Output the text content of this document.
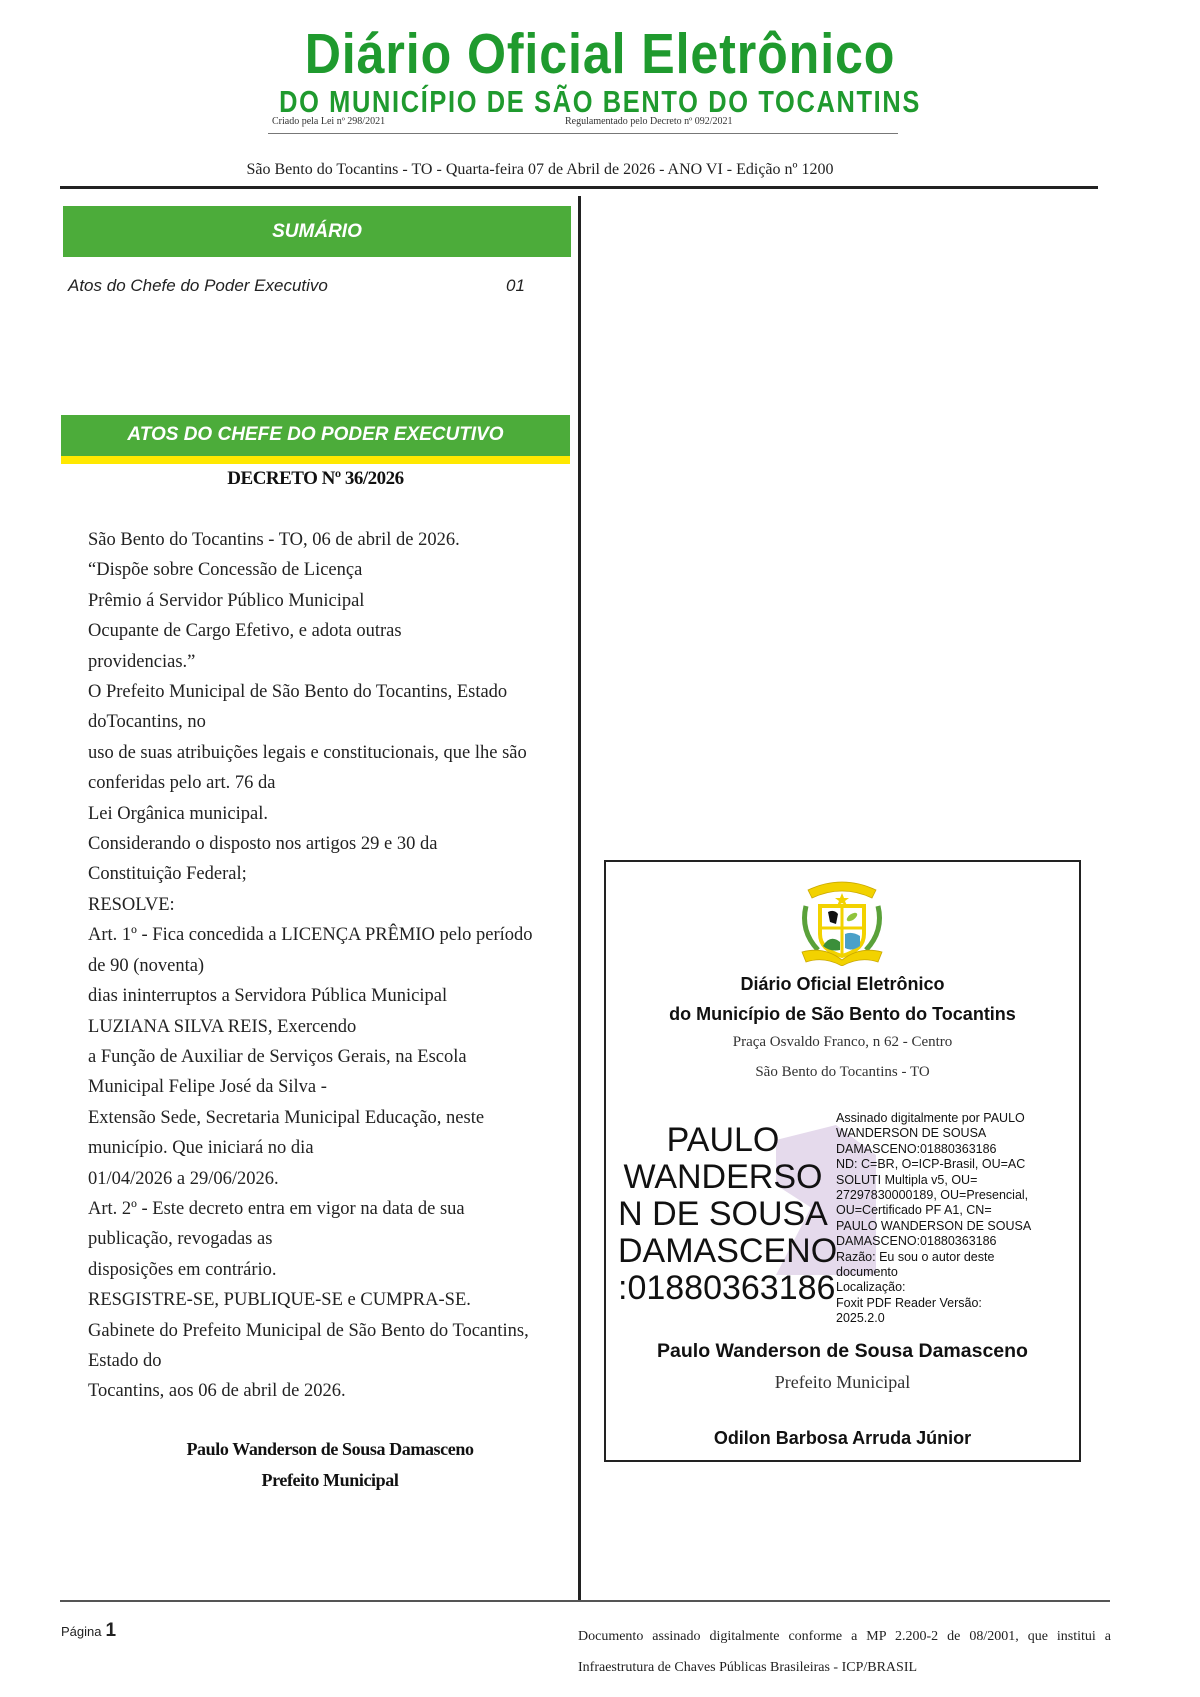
Diário Oficial Eletrônico
DO MUNICÍPIO DE SÃO BENTO DO TOCANTINS
Criado pela Lei nº 298/2021	Regulamentado pelo Decreto nº 092/2021
São Bento do Tocantins - TO - Quarta-feira 07 de Abril de 2026 - ANO VI - Edição nº 1200
SUMÁRIO
Atos do Chefe do Poder Executivo	01
ATOS DO CHEFE DO PODER EXECUTIVO
DECRETO Nº 36/2026
São Bento do Tocantins - TO, 06 de abril de 2026.
“Dispõe sobre Concessão de Licença
Prêmio á Servidor Público Municipal
Ocupante de Cargo Efetivo, e adota outras
providencias.”
O Prefeito Municipal de São Bento do Tocantins, Estado
doTocantins, no
uso de suas atribuições legais e constitucionais, que lhe são
conferidas pelo art. 76 da
Lei Orgânica municipal.
Considerando o disposto nos artigos 29 e 30 da
Constituição Federal;
RESOLVE:
Art. 1º - Fica concedida a LICENÇA PRÊMIO pelo período
de 90 (noventa)
dias ininterruptos a Servidora Pública Municipal
LUZIANA SILVA REIS, Exercendo
a Função de Auxiliar de Serviços Gerais, na Escola
Municipal Felipe José da Silva -
Extensão Sede, Secretaria Municipal Educação, neste
município. Que iniciará no dia
01/04/2026 a 29/06/2026.
Art. 2º - Este decreto entra em vigor na data de sua
publicação, revogadas as
disposições em contrário.
RESGISTRE-SE, PUBLIQUE-SE e CUMPRA-SE.
Gabinete do Prefeito Municipal de São Bento do Tocantins,
Estado do
Tocantins, aos 06 de abril de 2026.
Paulo Wanderson de Sousa Damasceno
Prefeito Municipal
Diário Oficial Eletrônico
do Município de São Bento do Tocantins
Praça Osvaldo Franco, n 62 - Centro
São Bento do Tocantins - TO
PAULO
WANDERSO
N DE SOUSA
DAMASCENO
:01880363186
Assinado digitalmente por PAULO
WANDERSON DE SOUSA
DAMASCENO:01880363186
ND: C=BR, O=ICP-Brasil, OU=AC
SOLUTI Multipla v5, OU=
27297830000189, OU=Presencial,
OU=Certificado PF A1, CN=
PAULO WANDERSON DE SOUSA
DAMASCENO:01880363186
Razão: Eu sou o autor deste
documento
Localização:
Foxit PDF Reader Versão:
2025.2.0
Paulo Wanderson de Sousa Damasceno
Prefeito Municipal
Odilon Barbosa Arruda Júnior
Página 1	Documento assinado digitalmente conforme a MP 2.200-2 de 08/2001, que institui a Infraestrutura de Chaves Públicas Brasileiras - ICP/BRASIL
